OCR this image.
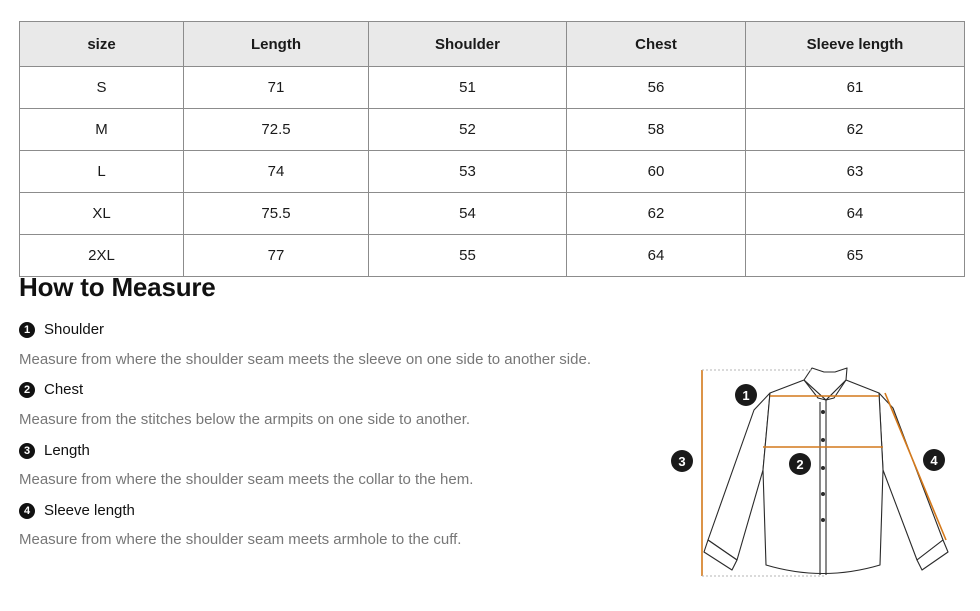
size	Length	Shoulder	Chest	Sleeve length
S	71	51	56	61
M	72.5	52	58	62
L	74	53	60	63
XL	75.5	54	62	64
2XL	77	55	64	65
How to Measure
1 Shoulder
Measure from where the shoulder seam meets the sleeve on one side to another side.
2 Chest
Measure from the stitches below the armpits on one side to another.
3 Length
Measure from where the shoulder seam meets the collar to the hem.
4 Sleeve length
Measure from where the shoulder seam meets armhole to the cuff.
1
2
3	4
